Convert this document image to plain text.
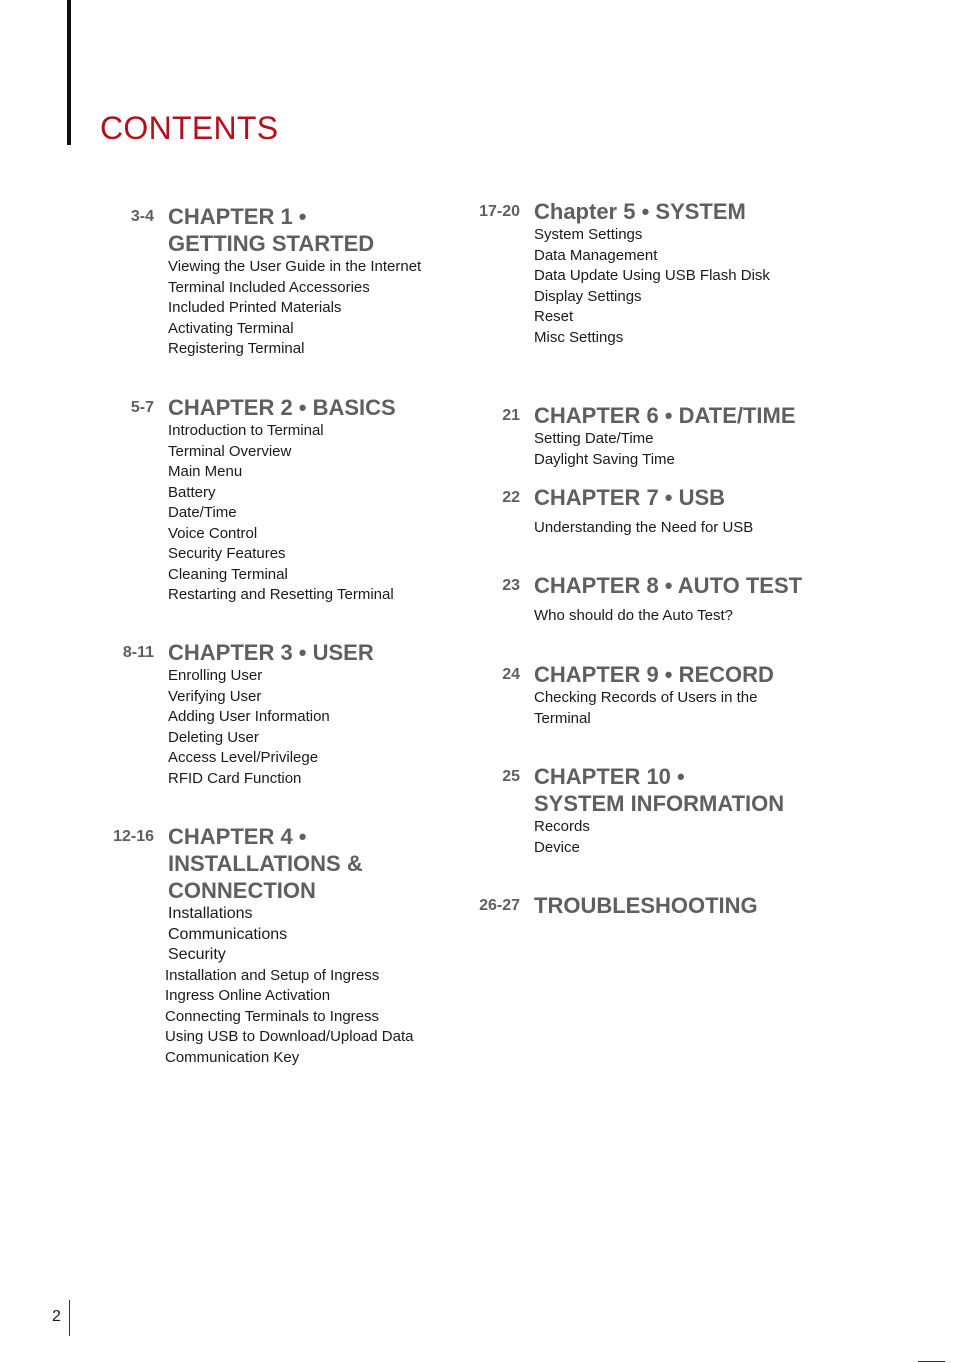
CONTENTS
3-4 CHAPTER 1 •
GETTING STARTED
Viewing the User Guide in the Internet
Terminal Included Accessories
Included Printed Materials
Activating Terminal
Registering Terminal
5-7 CHAPTER 2 • BASICS
Introduction to Terminal
Terminal Overview
Main Menu
Battery
Date/Time
Voice Control
Security Features
Cleaning Terminal
Restarting and Resetting Terminal
8-11 CHAPTER 3 • USER
Enrolling User
Verifying User
Adding User Information
Deleting User
Access Level/Privilege
RFID Card Function
12-16 CHAPTER 4 •
INSTALLATIONS &
CONNECTION
Installations
Communications
Security
Installation and Setup of Ingress
Ingress Online Activation
Connecting Terminals to Ingress
Using USB to Download/Upload Data
Communication Key
17-20 Chapter 5 • SYSTEM
System Settings
Data Management
Data Update Using USB Flash Disk
Display Settings
Reset
Misc Settings
21 CHAPTER 6 • DATE/TIME
Setting Date/Time
Daylight Saving Time
22 CHAPTER 7 • USB
Understanding the Need for USB
23 CHAPTER 8 • AUTO TEST
Who should do the Auto Test?
24 CHAPTER 9 • RECORD
Checking Records of Users in the
Terminal
25 CHAPTER 10 •
SYSTEM INFORMATION
Records
Device
26-27 TROUBLESHOOTING
2
